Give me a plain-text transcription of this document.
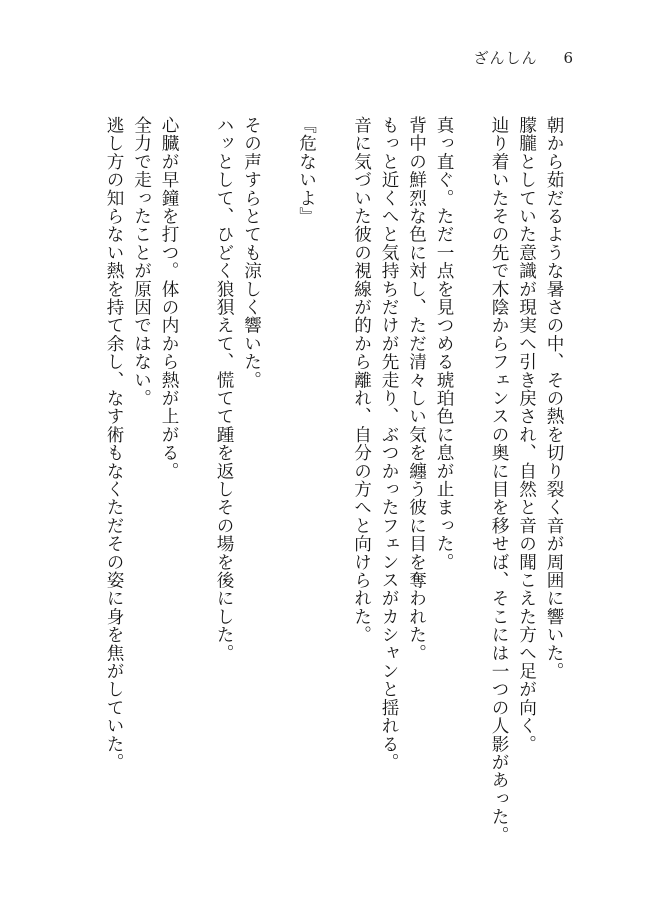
ざんしん 6

朝から茹だるような暑さの中、その熱を切り裂く音が周囲に響いた。

朦朧としていた意識が現実へ引き戻され、自然と音の聞こえた方へ足が向く。

辿り着いたその先で木陰からフェンスの奥に目を移せば、そこには一つの人影があった。

真っ直ぐ。ただ一点を見つめる琥珀色に息が止まった。

背中の鮮烈な色に対し、ただ清々しい気を纏う彼に目を奪われた。

もっと近くへと気持ちだけが先走り、ぶつかったフェンスがカシャンと揺れる。

音に気づいた彼の視線が的から離れ、自分の方へと向けられた。

『危ないよ』

その声すらとても涼しく響いた。

ハッとして、ひどく狼狽えて、慌てて踵を返しその場を後にした。

心臓が早鐘を打つ。体の内から熱が上がる。

全力で走ったことが原因ではない。

逃し方の知らない熱を持て余し、なす術もなくただその姿に身を焦がしていた。
